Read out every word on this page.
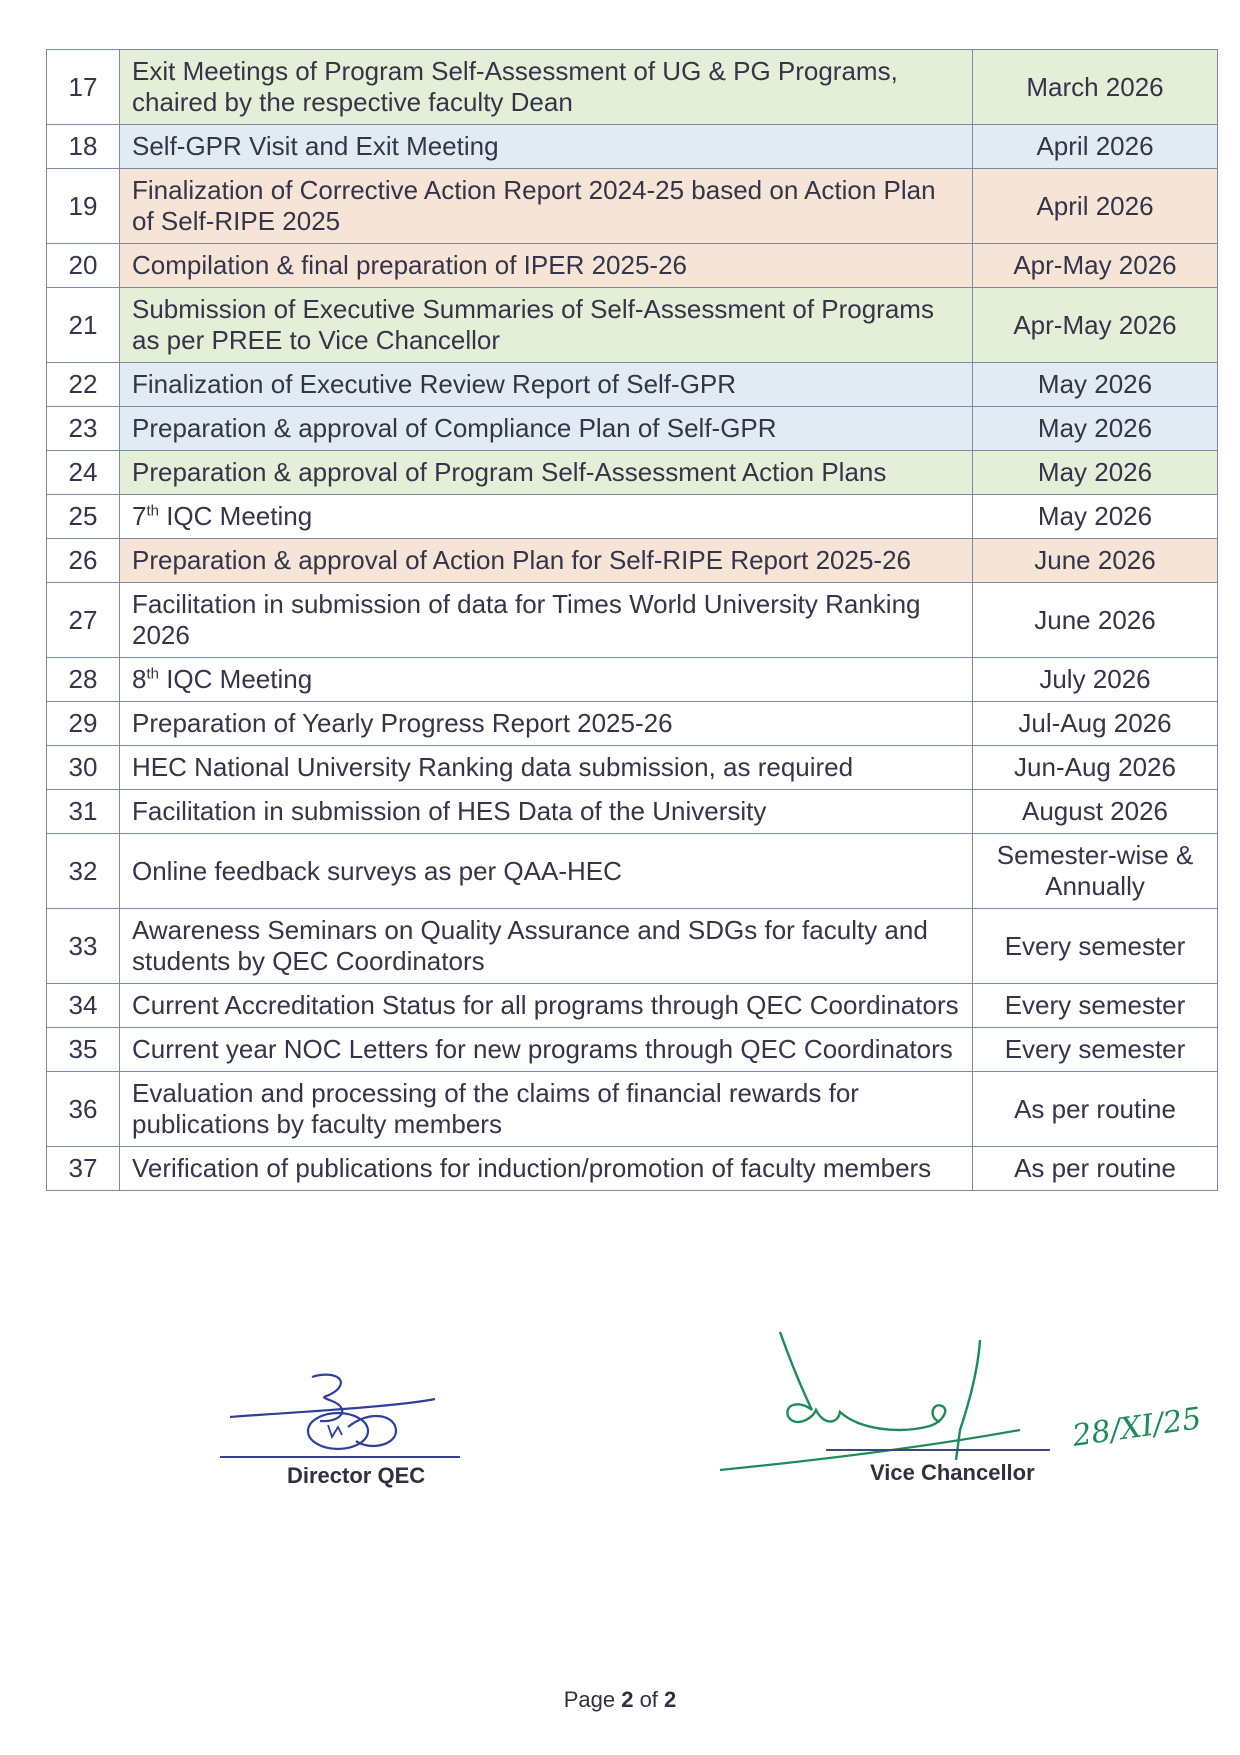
17	Exit Meetings of Program Self-Assessment of UG & PG Programs, chaired by the respective faculty Dean	March 2026
18	Self-GPR Visit and Exit Meeting	April 2026
19	Finalization of Corrective Action Report 2024-25 based on Action Plan of Self-RIPE 2025	April 2026
20	Compilation & final preparation of IPER 2025-26	Apr-May 2026
21	Submission of Executive Summaries of Self-Assessment of Programs as per PREE to Vice Chancellor	Apr-May 2026
22	Finalization of Executive Review Report of Self-GPR	May 2026
23	Preparation & approval of Compliance Plan of Self-GPR	May 2026
24	Preparation & approval of Program Self-Assessment Action Plans	May 2026
25	7th IQC Meeting	May 2026
26	Preparation & approval of Action Plan for Self-RIPE Report 2025-26	June 2026
27	Facilitation in submission of data for Times World University Ranking 2026	June 2026
28	8th IQC Meeting	July 2026
29	Preparation of Yearly Progress Report 2025-26	Jul-Aug 2026
30	HEC National University Ranking data submission, as required	Jun-Aug 2026
31	Facilitation in submission of HES Data of the University	August 2026
32	Online feedback surveys as per QAA-HEC	Semester-wise & Annually
33	Awareness Seminars on Quality Assurance and SDGs for faculty and students by QEC Coordinators	Every semester
34	Current Accreditation Status for all programs through QEC Coordinators	Every semester
35	Current year NOC Letters for new programs through QEC Coordinators	Every semester
36	Evaluation and processing of the claims of financial rewards for publications by faculty members	As per routine
37	Verification of publications for induction/promotion of faculty members	As per routine
Director QEC
28/XI/25
Vice Chancellor
Page 2 of 2
